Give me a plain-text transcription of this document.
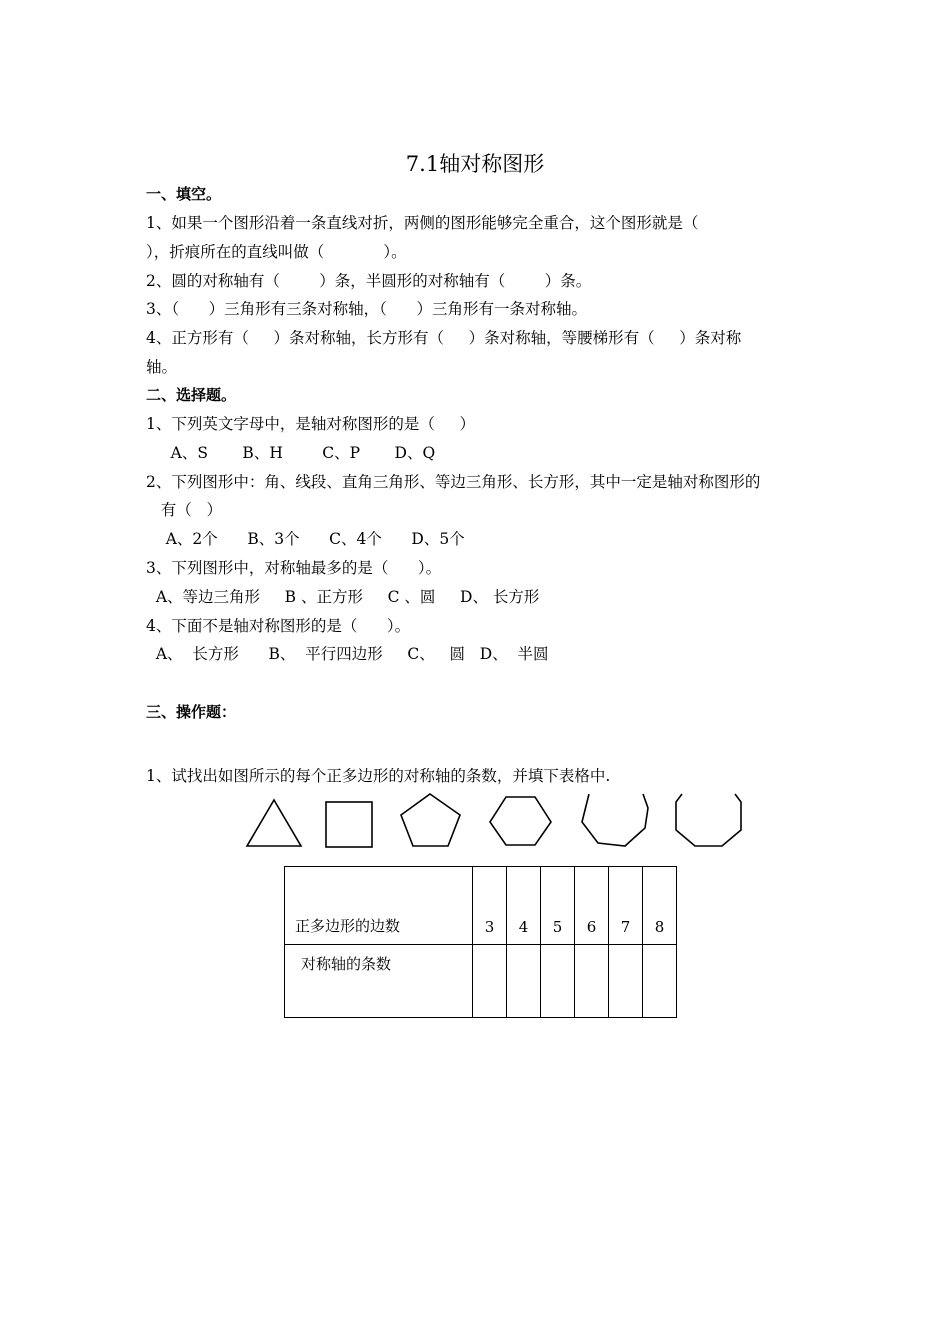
7.1轴对称图形
一、填空。
1、如果一个图形沿着一条直线对折，两侧的图形能够完全重合，这个图形就是（
），折痕所在的直线叫做（            ）。
2、圆的对称轴有（        ）条，半圆形的对称轴有（        ）条。
3、（      ）三角形有三条对称轴，（      ）三角形有一条对称轴。
4、正方形有（     ）条对称轴，长方形有（     ）条对称轴，等腰梯形有（     ）条对称
轴。
二、选择题。
1、下列英文字母中，是轴对称图形的是（     ）
A、S       B、H        C、P       D、Q
2、下列图形中：角、线段、直角三角形、等边三角形、长方形，其中一定是轴对称图形的
有（   ）
A、2个      B、3个      C、4个      D、5个
3、下列图形中，对称轴最多的是（      ）。
A、等边三角形     B 、正方形     C 、圆     D、 长方形
4、下面不是轴对称图形的是（      ）。
A、  长方形      B、  平行四边形     C、   圆   D、  半圆
三、操作题：
1、试找出如图所示的每个正多边形的对称轴的条数，并填下表格中.
正多边形的边数	3	4	5	6	7	8
对称轴的条数						
